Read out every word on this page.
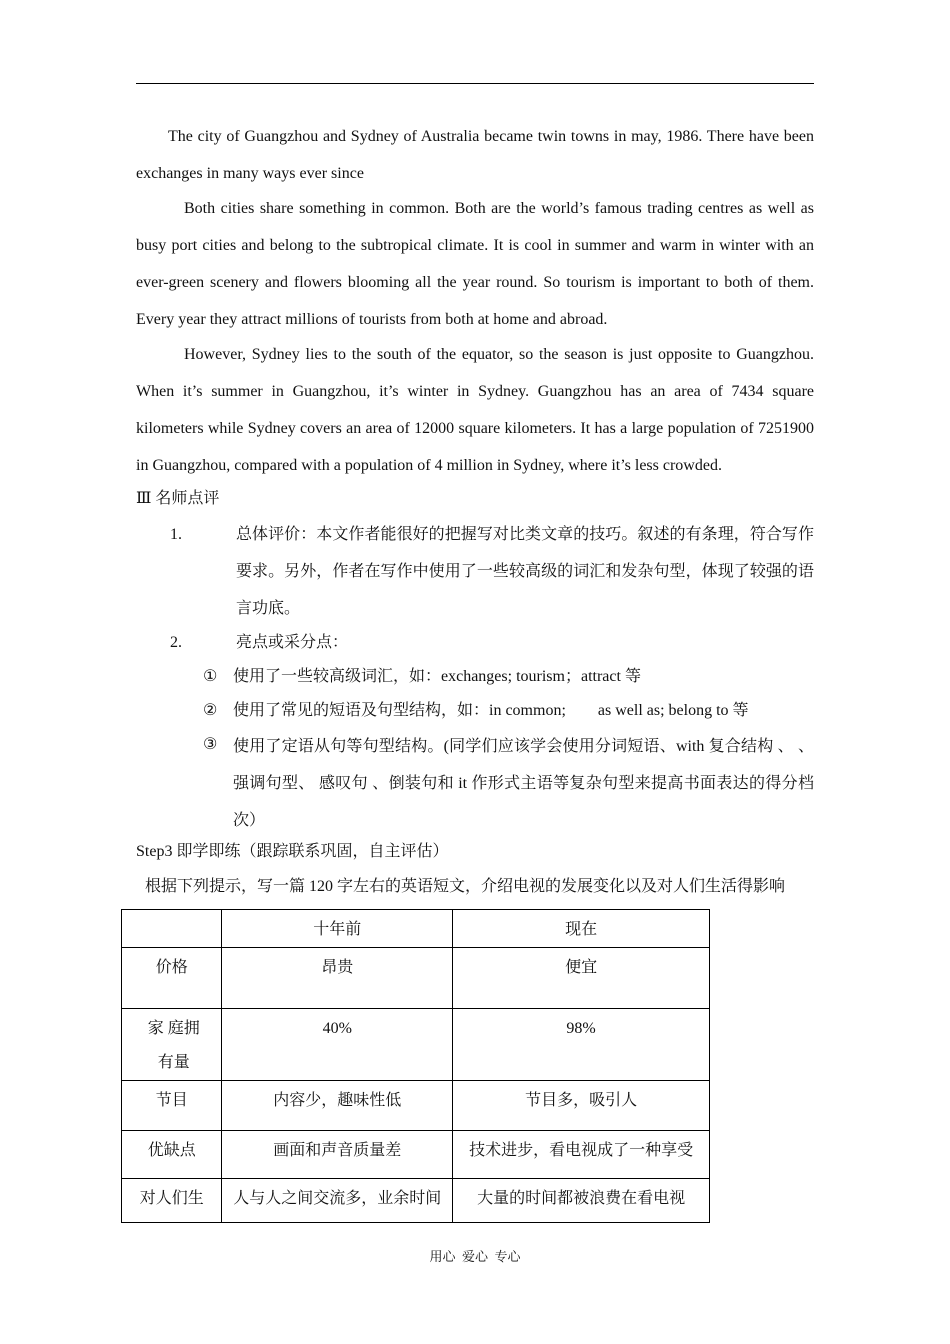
The city of Guangzhou and Sydney of Australia became twin towns in may, 1986. There have been exchanges in many ways ever since
Both cities share something in common. Both are the world’s famous trading centres as well as busy port cities and belong to the subtropical climate. It is cool in summer and warm in winter with an ever-green scenery and flowers blooming all the year round. So tourism is important to both of them. Every year they attract millions of tourists from both at home and abroad.
However, Sydney lies to the south of the equator, so the season is just opposite to Guangzhou. When it’s summer in Guangzhou, it’s winter in Sydney. Guangzhou has an area of 7434 square kilometers while Sydney covers an area of 12000 square kilometers. It has a large population of 7251900 in Guangzhou, compared with a population of 4 million in Sydney, where it’s less crowded.
Ⅲ 名师点评
1.	总体评价：本文作者能很好的把握写对比类文章的技巧。叙述的有条理，符合写作要求。另外，作者在写作中使用了一些较高级的词汇和发杂句型，体现了较强的语言功底。
2.	亮点或采分点：
① 使用了一些较高级词汇，如：exchanges; tourism；attract 等
② 使用了常见的短语及句型结构，如：in common;　　as well as; belong to 等
③ 使用了定语从句等句型结构。(同学们应该学会使用分词短语、with 复合结构 、 、 强调句型、 感叹句 、倒装句和 it 作形式主语等复杂句型来提高书面表达的得分档次）
Step3 即学即练（跟踪联系巩固，自主评估）
根据下列提示，写一篇 120 字左右的英语短文，介绍电视的发展变化以及对人们生活得影响
	十年前	现在
价格	昂贵	便宜
家 庭拥有量	40%	98%
节目	内容少，趣味性低	节目多，吸引人
优缺点	画面和声音质量差	技术进步，看电视成了一种享受
对人们生	人与人之间交流多，业余时间	大量的时间都被浪费在看电视
用心  爱心  专心
